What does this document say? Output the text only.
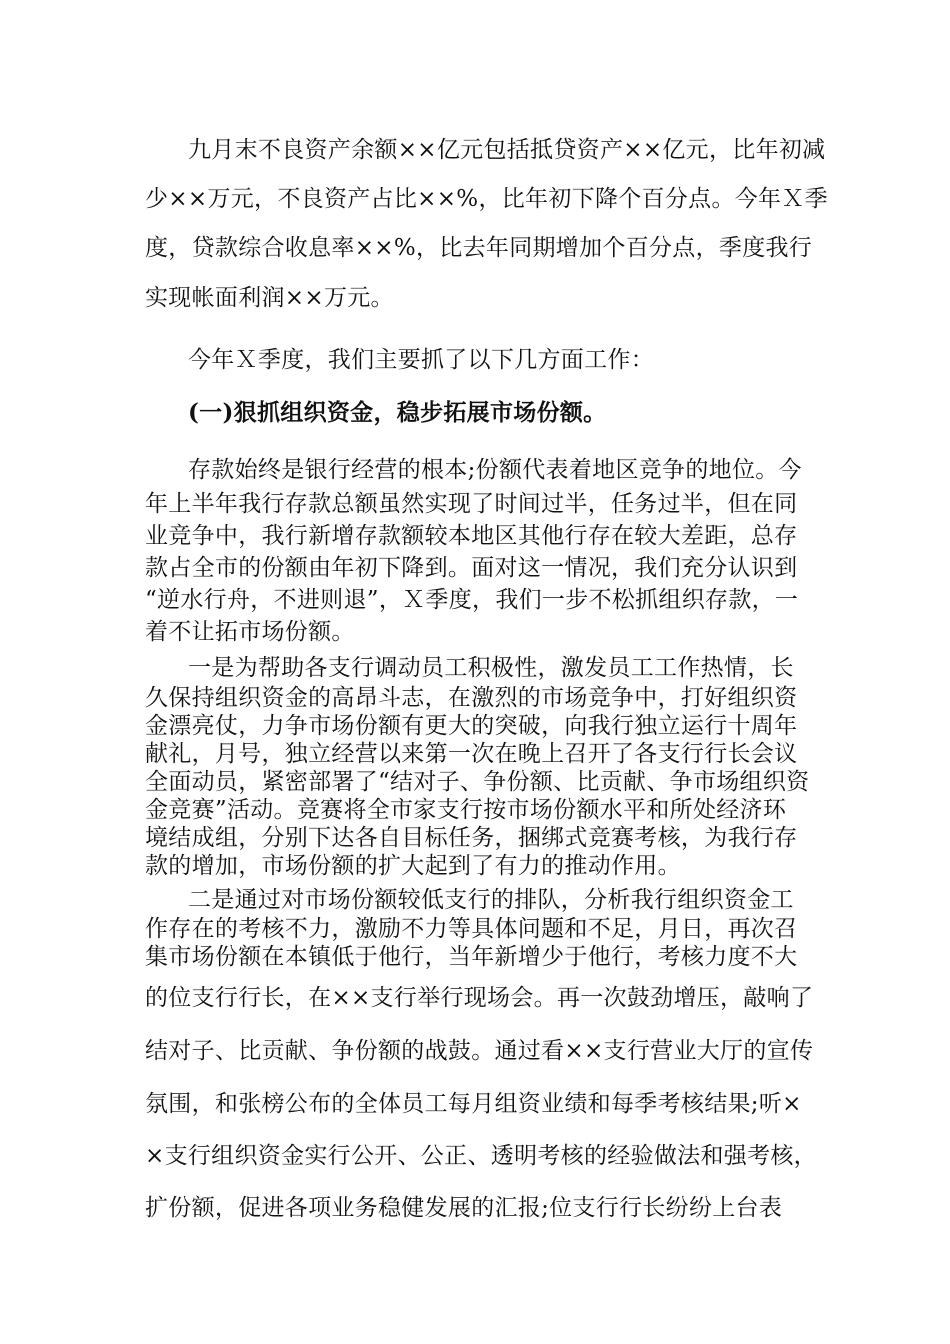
九月末不良资产余额××亿元包括抵贷资产××亿元，比年初减
少××万元，不良资产占比××%，比年初下降个百分点。今年Ｘ季
度，贷款综合收息率××%，比去年同期增加个百分点，季度我行
实现帐面利润××万元。
今年Ｘ季度，我们主要抓了以下几方面工作：
(一)狠抓组织资金，稳步拓展市场份额。
存款始终是银行经营的根本;份额代表着地区竞争的地位。今
年上半年我行存款总额虽然实现了时间过半，任务过半，但在同
业竞争中，我行新增存款额较本地区其他行存在较大差距，总存
款占全市的份额由年初下降到。面对这一情况，我们充分认识到
“逆水行舟，不进则退”，Ｘ季度，我们一步不松抓组织存款，一
着不让拓市场份额。
一是为帮助各支行调动员工积极性，激发员工工作热情，长
久保持组织资金的高昂斗志，在激烈的市场竞争中，打好组织资
金漂亮仗，力争市场份额有更大的突破，向我行独立运行十周年
献礼，月号，独立经营以来第一次在晚上召开了各支行行长会议
全面动员，紧密部署了“结对子、争份额、比贡献、争市场组织资
金竞赛”活动。竞赛将全市家支行按市场份额水平和所处经济环
境结成组，分别下达各自目标任务，捆绑式竞赛考核，为我行存
款的增加，市场份额的扩大起到了有力的推动作用。
二是通过对市场份额较低支行的排队，分析我行组织资金工
作存在的考核不力，激励不力等具体问题和不足，月日，再次召
集市场份额在本镇低于他行，当年新增少于他行，考核力度不大
的位支行行长，在××支行举行现场会。再一次鼓劲增压，敲响了
结对子、比贡献、争份额的战鼓。通过看××支行营业大厅的宣传
氛围，和张榜公布的全体员工每月组资业绩和每季考核结果;听×
×支行组织资金实行公开、公正、透明考核的经验做法和强考核，
扩份额，促进各项业务稳健发展的汇报;位支行行长纷纷上台表
